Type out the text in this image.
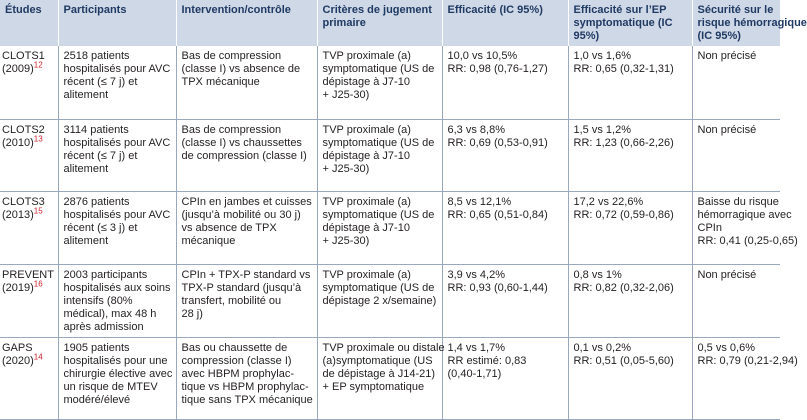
Études	Participants	Intervention/contrôle	Critères de jugement
primaire	Efficacité (IC 95%)	Efficacité sur l’EP
symptomatique (IC
95%)	Sécurité sur le
risque hémorragique
(IC 95%)

CLOTS1
(2009)$^{12}$	2518 patients
hospitalisés pour AVC
récent (≤ 7 j) et
alitement	Bas de compression
(classe I) vs absence de
TPX mécanique	TVP proximale (a)
symptomatique (US de
dépistage à J7-10
+ J25-30)	10,0 vs 10,5%
RR: 0,98 (0,76-1,27)	1,0 vs 1,6%
RR: 0,65 (0,32-1,31)	Non précisé

CLOTS2
(2010)$^{13}$	3114 patients
hospitalisés pour AVC
récent (≤ 7 j) et
alitement	Bas de compression
(classe I) vs chaussettes
de compression (classe I)	TVP proximale (a)
symptomatique (US de
dépistage à J7-10
+ J25-30)	6,3 vs 8,8%
RR: 0,69 (0,53-0,91)	1,5 vs 1,2%
RR: 1,23 (0,66-2,26)	Non précisé

CLOTS3
(2013)$^{15}$	2876 patients
hospitalisés pour AVC
récent (≤ 3 j) et
alitement	CPIn en jambes et cuisses
(jusqu’à mobilité ou 30 j)
vs absence de TPX
mécanique	TVP proximale (a)
symptomatique (US de
dépistage à J7-10
+ J25-30)	8,5 vs 12,1%
RR: 0,65 (0,51-0,84)	17,2 vs 22,6%
RR: 0,72 (0,59-0,86)	Baisse du risque
hémorragique avec
CPIn
RR: 0,41 (0,25-0,65)

PREVENT
(2019)$^{16}$	2003 participants
hospitalisés aux soins
intensifs (80%
médical), max 48 h
après admission	CPIn + TPX-P standard vs
TPX-P standard (jusqu’à
transfert, mobilité ou
28 j)	TVP proximale (a)
symptomatique (US de
dépistage 2 x/semaine)	3,9 vs 4,2%
RR: 0,93 (0,60-1,44)	0,8 vs 1%
RR: 0,82 (0,32-2,06)	Non précisé

GAPS
(2020)$^{14}$	1905 patients
hospitalisés pour une
chirurgie élective avec
un risque de MTEV
modéré/élevé	Bas ou chaussette de
compression (classe I)
avec HBPM prophylac-
tique vs HBPM prophylac-
tique sans TPX mécanique	TVP proximale ou distale
(a)symptomatique (US
de dépistage à J14-21)
+ EP symptomatique	1,4 vs 1,7%
RR estimé: 0,83
(0,40-1,71)	0,1 vs 0,2%
RR: 0,51 (0,05-5,60)	0,5 vs 0,6%
RR: 0,79 (0,21-2,94)
